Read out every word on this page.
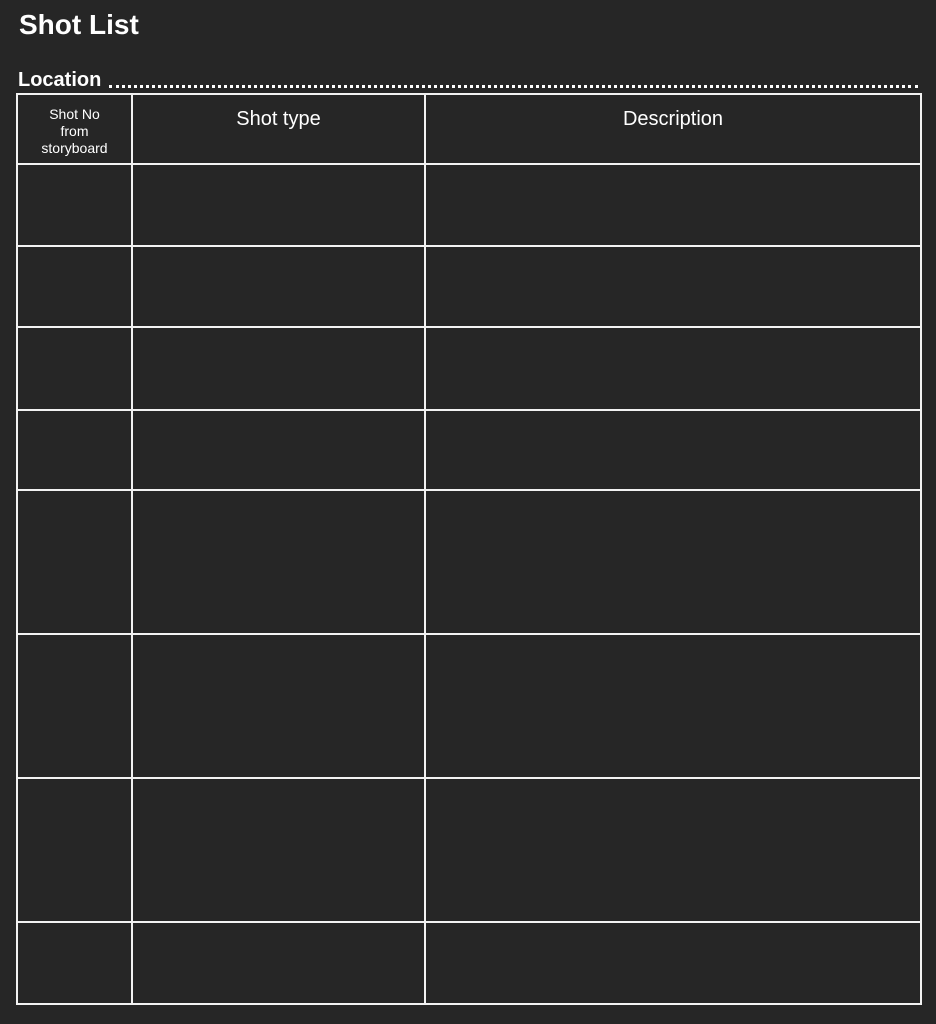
Shot List
Location
Shot No
from
storyboard	Shot type	Description
